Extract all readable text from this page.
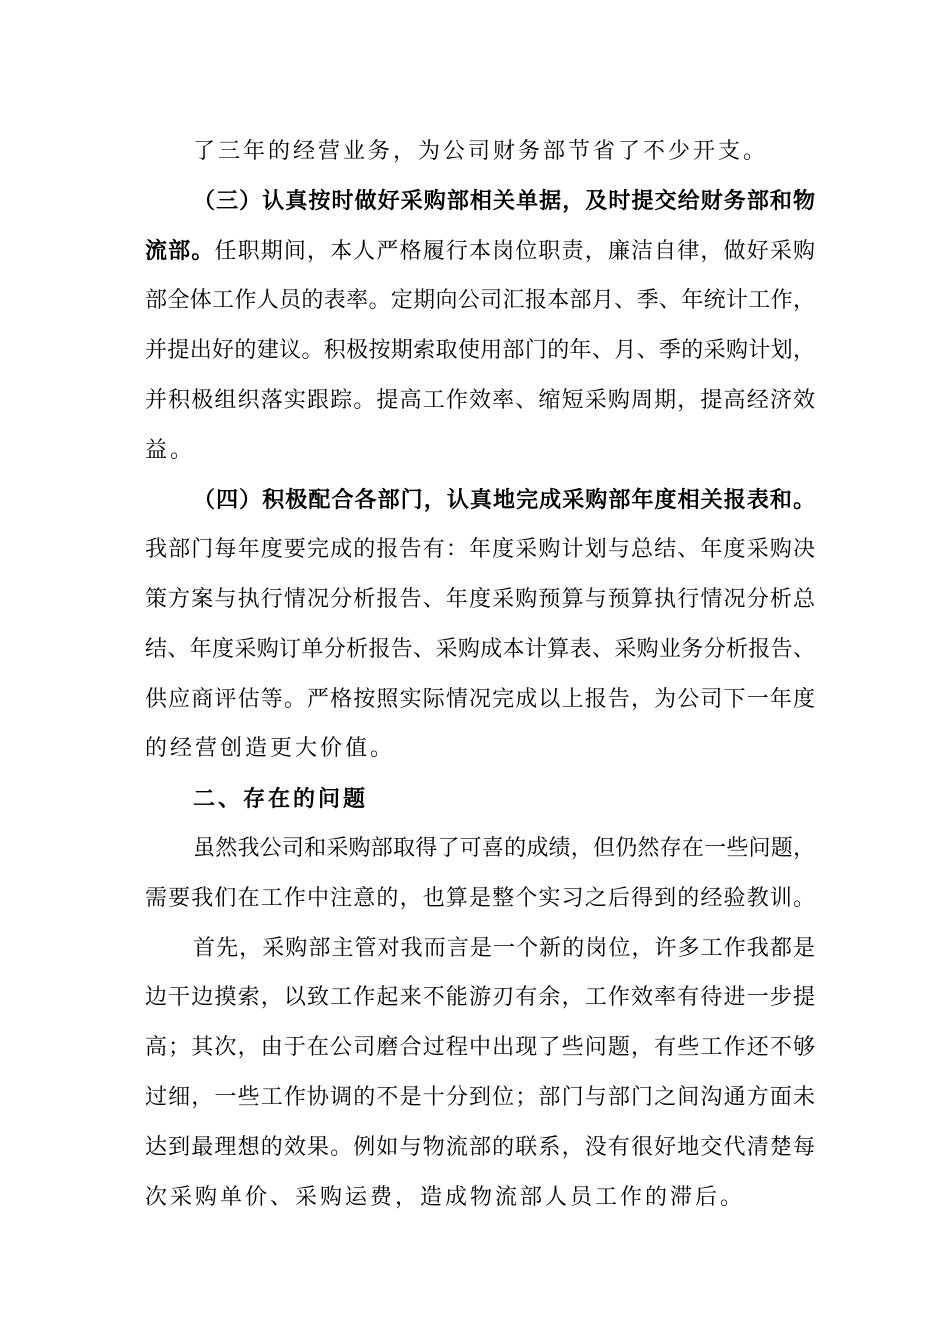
了三年的经营业务，为公司财务部节省了不少开支。
（三）认真按时做好采购部相关单据，及时提交给财务部和物
流部。任职期间，本人严格履行本岗位职责，廉洁自律，做好采购
部全体工作人员的表率。定期向公司汇报本部月、季、年统计工作，
并提出好的建议。积极按期索取使用部门的年、月、季的采购计划，
并积极组织落实跟踪。提高工作效率、缩短采购周期，提高经济效
益。
（四）积极配合各部门，认真地完成采购部年度相关报表和。
我部门每年度要完成的报告有：年度采购计划与总结、年度采购决
策方案与执行情况分析报告、年度采购预算与预算执行情况分析总
结、年度采购订单分析报告、采购成本计算表、采购业务分析报告、
供应商评估等。严格按照实际情况完成以上报告，为公司下一年度
的经营创造更大价值。
二、存在的问题
虽然我公司和采购部取得了可喜的成绩，但仍然存在一些问题，
需要我们在工作中注意的，也算是整个实习之后得到的经验教训。
首先，采购部主管对我而言是一个新的岗位，许多工作我都是
边干边摸索，以致工作起来不能游刃有余，工作效率有待进一步提
高；其次，由于在公司磨合过程中出现了些问题，有些工作还不够
过细，一些工作协调的不是十分到位；部门与部门之间沟通方面未
达到最理想的效果。例如与物流部的联系，没有很好地交代清楚每
次采购单价、采购运费，造成物流部人员工作的滞后。
